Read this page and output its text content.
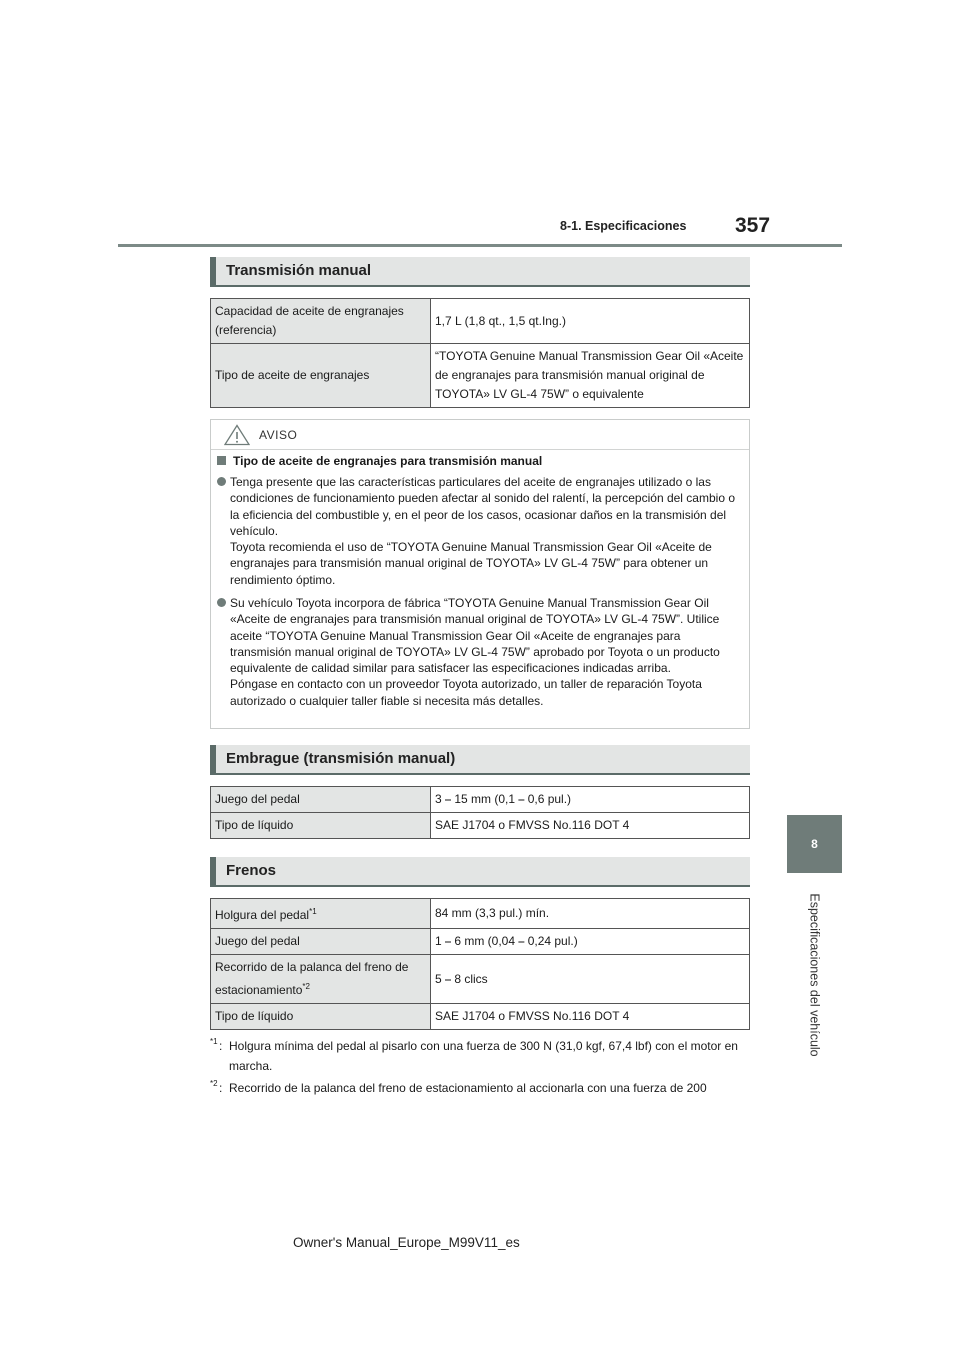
8-1. Especificaciones	357
8
Especificaciones del vehículo
Transmisión manual
Capacidad de aceite de engranajes (referencia)	1,7 L (1,8 qt., 1,5 qt.Ing.)
Tipo de aceite de engranajes	“TOYOTA Genuine Manual Transmission Gear Oil «Aceite de engranajes para transmisión manual original de TOYOTA» LV GL-4 75W” o equivalente
AVISO
Tipo de aceite de engranajes para transmisión manual
Tenga presente que las características particulares del aceite de engranajes utilizado o las condiciones de funcionamiento pueden afectar al sonido del ralentí, la percepción del cambio o la eficiencia del combustible y, en el peor de los casos, ocasionar daños en la transmisión del vehículo.
Toyota recomienda el uso de “TOYOTA Genuine Manual Transmission Gear Oil «Aceite de engranajes para transmisión manual original de TOYOTA» LV GL-4 75W” para obtener un rendimiento óptimo.
Su vehículo Toyota incorpora de fábrica “TOYOTA Genuine Manual Transmission Gear Oil «Aceite de engranajes para transmisión manual original de TOYOTA» LV GL-4 75W”. Utilice aceite “TOYOTA Genuine Manual Transmission Gear Oil «Aceite de engranajes para transmisión manual original de TOYOTA» LV GL-4 75W” aprobado por Toyota o un producto equivalente de calidad similar para satisfacer las especificaciones indicadas arriba.
Póngase en contacto con un proveedor Toyota autorizado, un taller de reparación Toyota autorizado o cualquier taller fiable si necesita más detalles.
Embrague (transmisión manual)
Juego del pedal	3 ⎯ 15 mm (0,1 ⎯ 0,6 pul.)
Tipo de líquido	SAE J1704 o FMVSS No.116 DOT 4
Frenos
Holgura del pedal$^{*1}$	84 mm (3,3 pul.) mín.
Juego del pedal	1 ⎯ 6 mm (0,04 ⎯ 0,24 pul.)
Recorrido de la palanca del freno de estacionamiento$^{*2}$	5 ⎯ 8 clics
Tipo de líquido	SAE J1704 o FMVSS No.116 DOT 4
*1 : Holgura mínima del pedal al pisarlo con una fuerza de 300 N (31,0 kgf, 67,4 lbf) con el motor en marcha.
*2 : Recorrido de la palanca del freno de estacionamiento al accionarla con una fuerza de 200
Owner's Manual_Europe_M99V11_es
